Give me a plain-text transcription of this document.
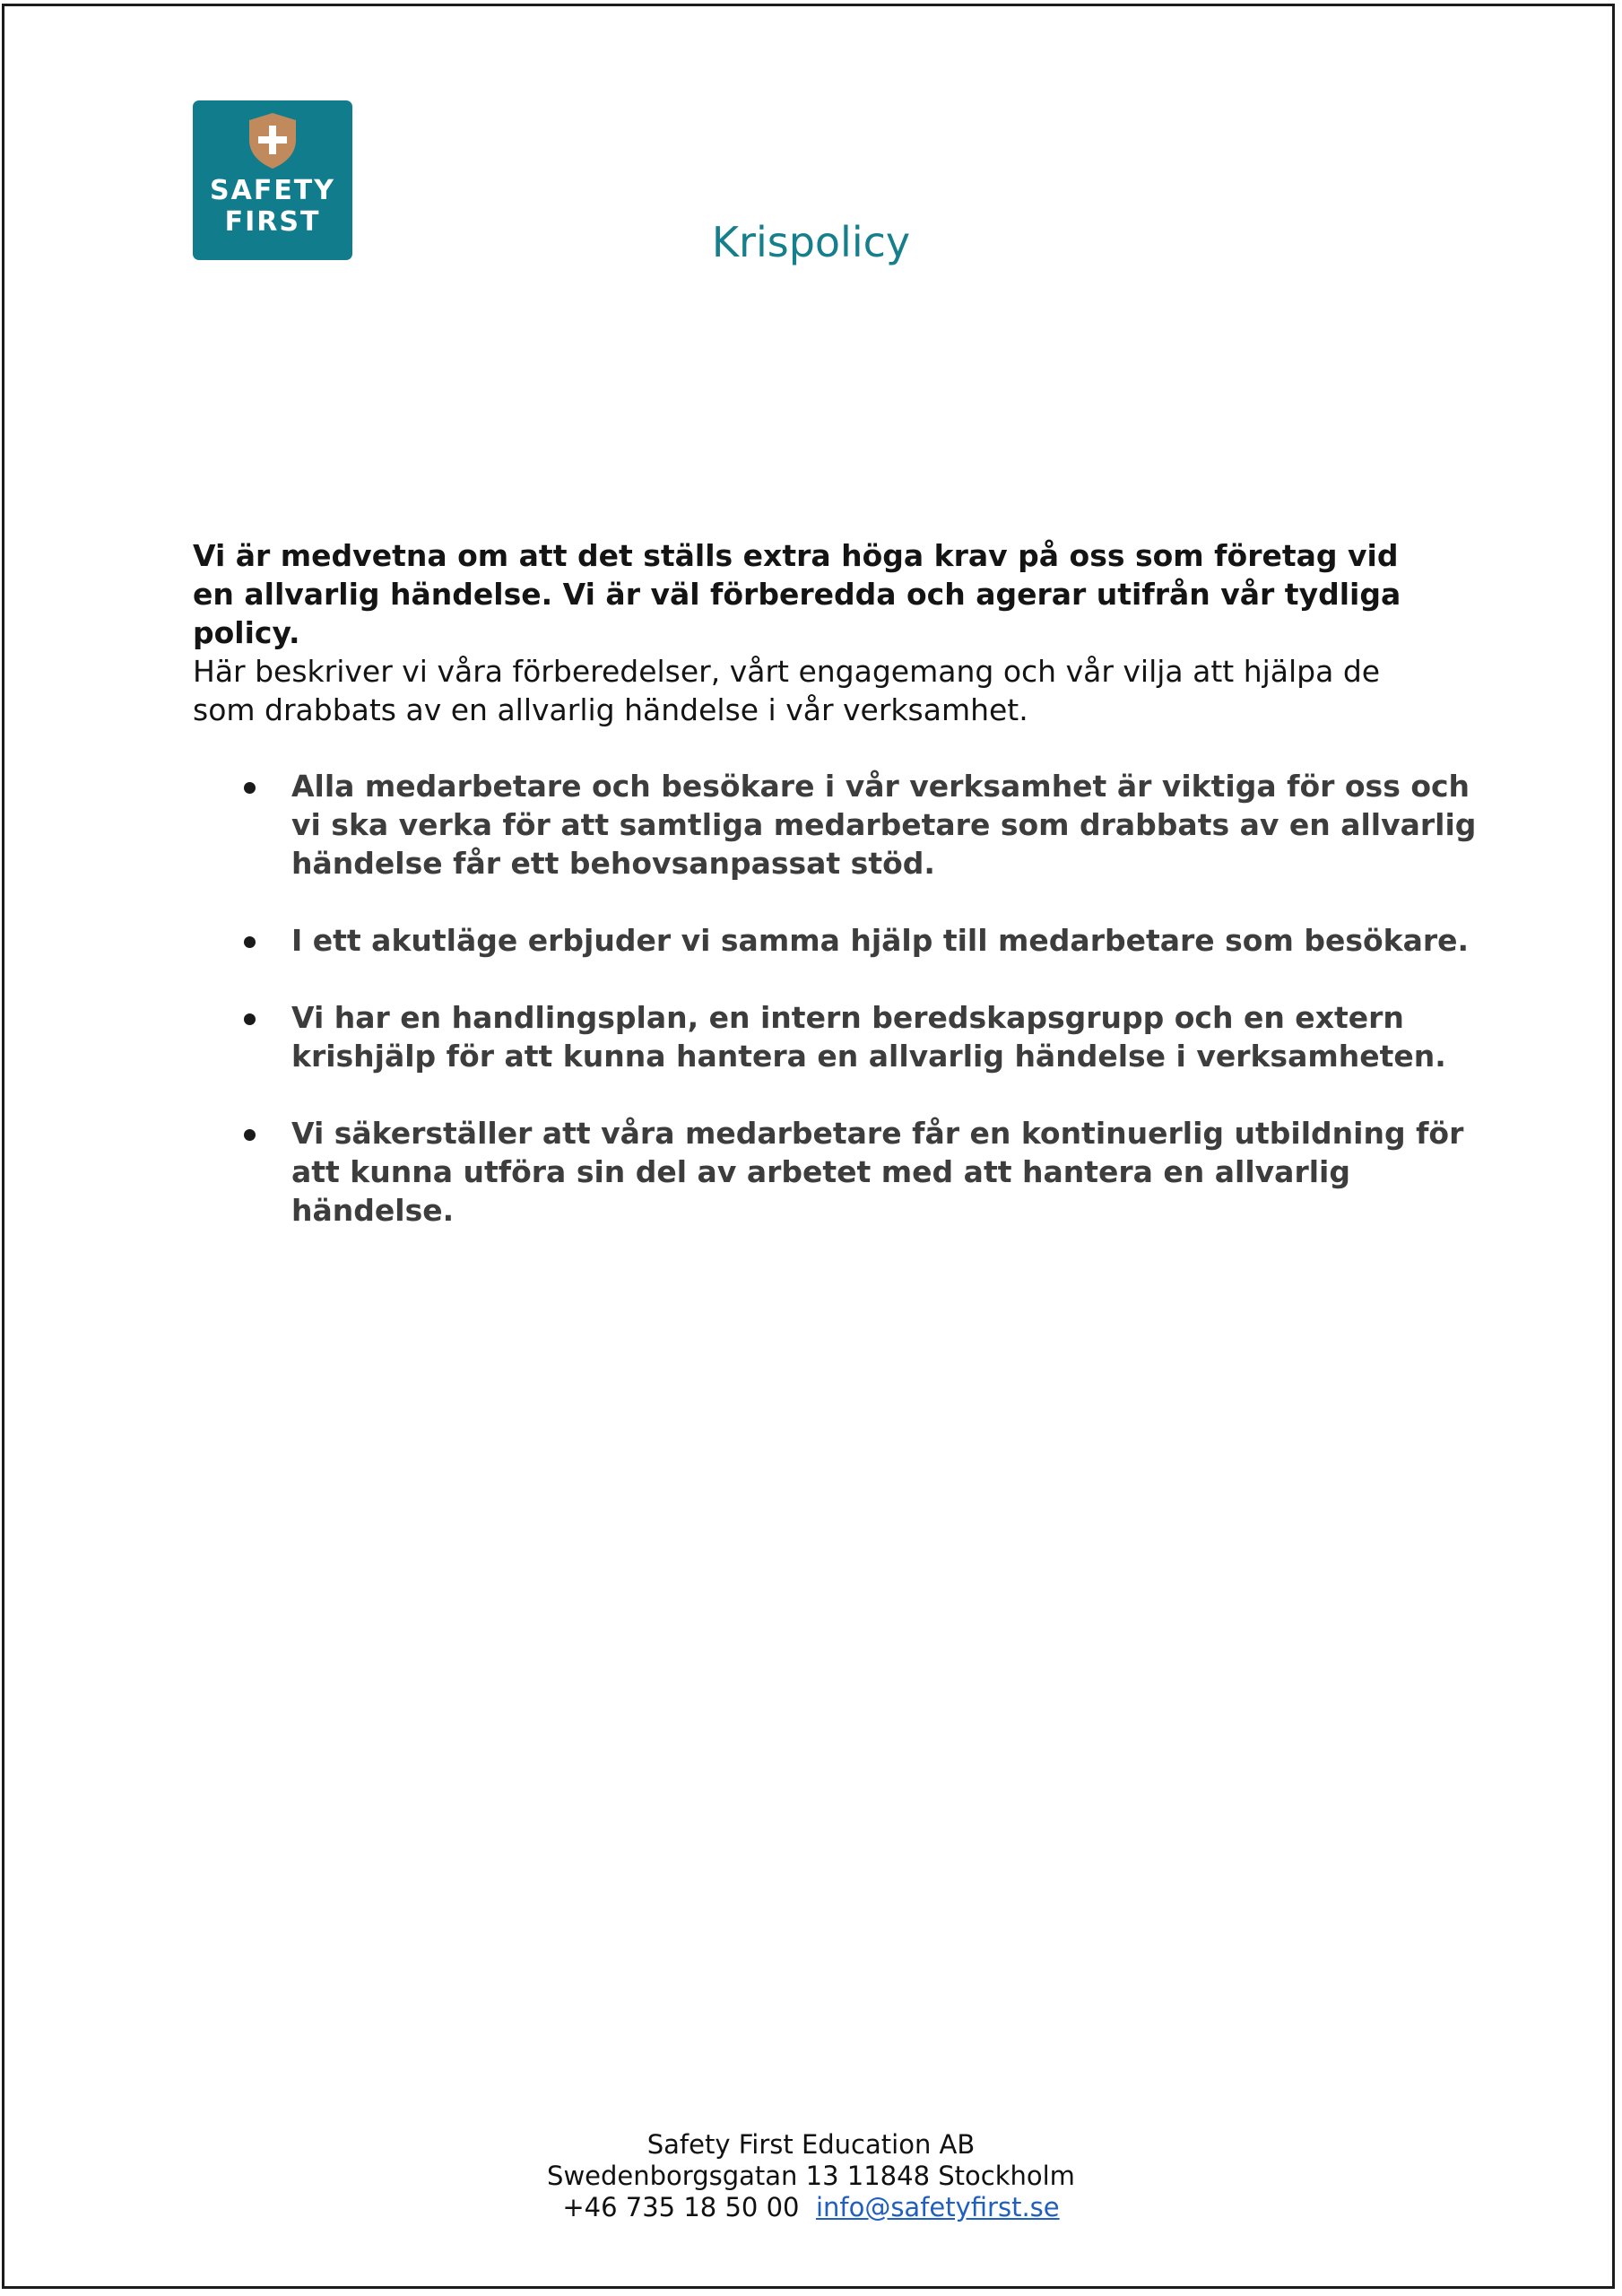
SAFETY
FIRST	Krispolicy
Vi är medvetna om att det ställs extra höga krav på oss som företag vid en allvarlig händelse. Vi är väl förberedda och agerar utifrån vår tydliga policy.
Här beskriver vi våra förberedelser, vårt engagemang och vår vilja att hjälpa de som drabbats av en allvarlig händelse i vår verksamhet.
Alla medarbetare och besökare i vår verksamhet är viktiga för oss och vi ska verka för att samtliga medarbetare som drabbats av en allvarlig händelse får ett behovsanpassat stöd.
I ett akutläge erbjuder vi samma hjälp till medarbetare som besökare.
Vi har en handlingsplan, en intern beredskapsgrupp och en extern krishjälp för att kunna hantera en allvarlig händelse i verksamheten.
Vi säkerställer att våra medarbetare får en kontinuerlig utbildning för att kunna utföra sin del av arbetet med att hantera en allvarlig händelse.
Safety First Education AB
Swedenborgsgatan 13 11848 Stockholm
+46 735 18 50 00 info@safetyfirst.se
